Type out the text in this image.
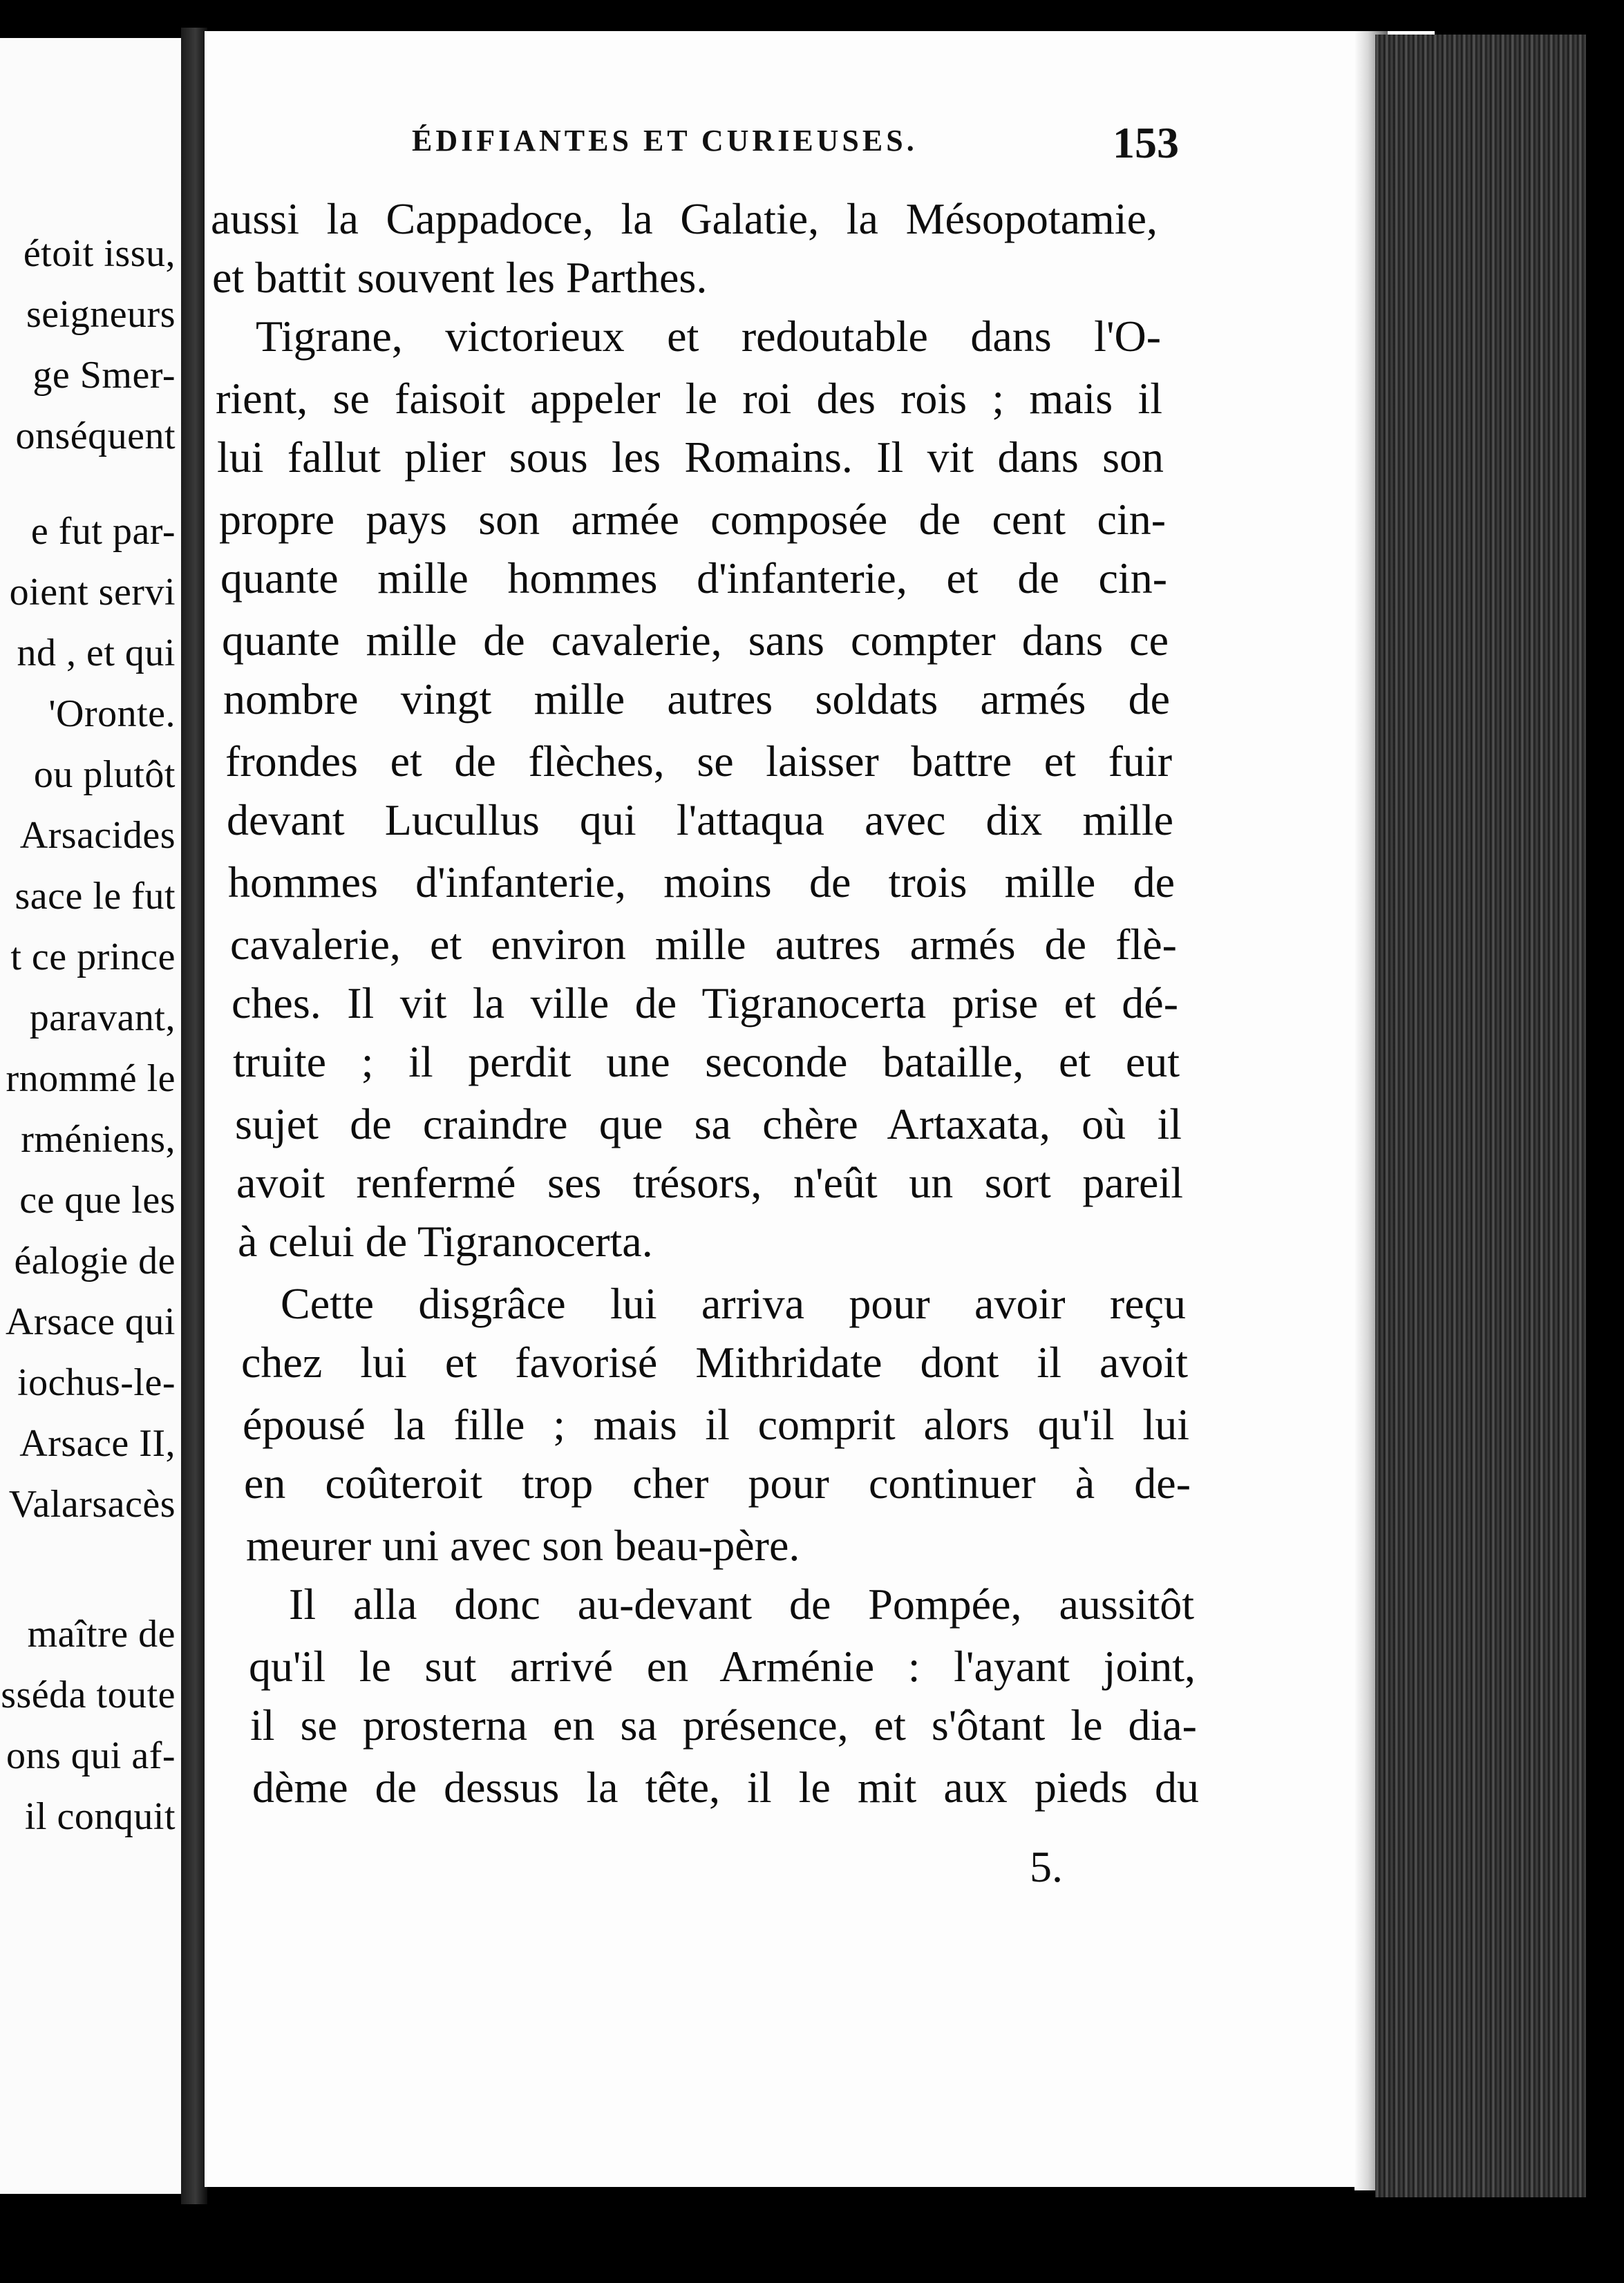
étoit issu,
seigneurs
ge Smer-
onséquent
e fut par-
oient servi
nd , et qui
'Oronte.
ou plutôt
Arsacides
sace le fut
t ce prince
paravant,
rnommé le
rméniens,
ce que les
éalogie de
Arsace qui
iochus-le-
Arsace II,
Valarsacès
maître de
sséda toute
ons qui af-
il conquit
ÉDIFIANTES ET CURIEUSES.	153
aussi la Cappadoce, la Galatie, la Mésopotamie,
et battit souvent les Parthes.
Tigrane, victorieux et redoutable dans l'O-
rient, se faisoit appeler le roi des rois ; mais il
lui fallut plier sous les Romains. Il vit dans son
propre pays son armée composée de cent cin-
quante mille hommes d'infanterie, et de cin-
quante mille de cavalerie, sans compter dans ce
nombre vingt mille autres soldats armés de
frondes et de flèches, se laisser battre et fuir
devant Lucullus qui l'attaqua avec dix mille
hommes d'infanterie, moins de trois mille de
cavalerie, et environ mille autres armés de flè-
ches. Il vit la ville de Tigranocerta prise et dé-
truite ; il perdit une seconde bataille, et eut
sujet de craindre que sa chère Artaxata, où il
avoit renfermé ses trésors, n'eût un sort pareil
à celui de Tigranocerta.
Cette disgrâce lui arriva pour avoir reçu
chez lui et favorisé Mithridate dont il avoit
épousé la fille ; mais il comprit alors qu'il lui
en coûteroit trop cher pour continuer à de-
meurer uni avec son beau-père.
Il alla donc au-devant de Pompée, aussitôt
qu'il le sut arrivé en Arménie : l'ayant joint,
il se prosterna en sa présence, et s'ôtant le dia-
dème de dessus la tête, il le mit aux pieds du
5.
